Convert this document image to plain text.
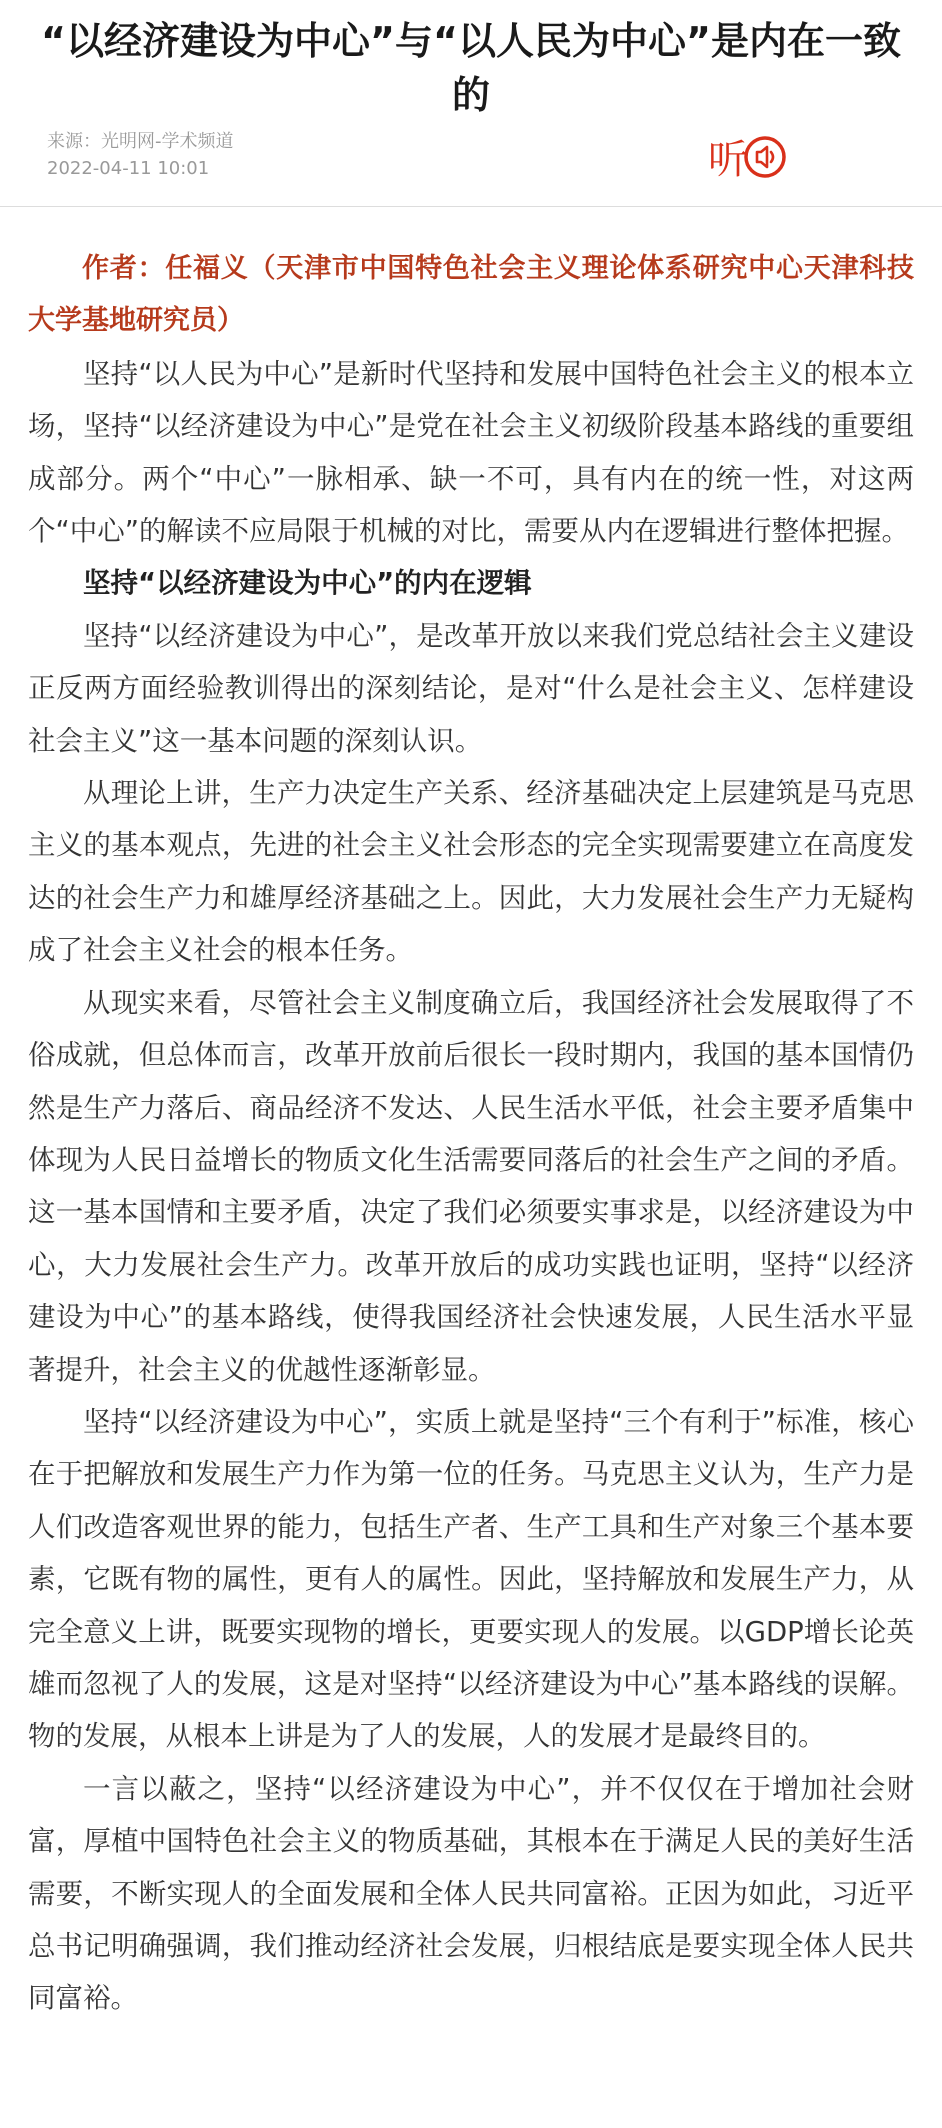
“以经济建设为中心”与“以人民为中心”是内在一致的
来源：光明网-学术频道
2022-04-11 10:01	听

作者：任福义（天津市中国特色社会主义理论体系研究中心天津科技大学基地研究员）

坚持“以人民为中心”是新时代坚持和发展中国特色社会主义的根本立场，坚持“以经济建设为中心”是党在社会主义初级阶段基本路线的重要组成部分。两个“中心”一脉相承、缺一不可，具有内在的统一性，对这两个“中心”的解读不应局限于机械的对比，需要从内在逻辑进行整体把握。

坚持“以经济建设为中心”的内在逻辑

坚持“以经济建设为中心”，是改革开放以来我们党总结社会主义建设正反两方面经验教训得出的深刻结论，是对“什么是社会主义、怎样建设社会主义”这一基本问题的深刻认识。

从理论上讲，生产力决定生产关系、经济基础决定上层建筑是马克思主义的基本观点，先进的社会主义社会形态的完全实现需要建立在高度发达的社会生产力和雄厚经济基础之上。因此，大力发展社会生产力无疑构成了社会主义社会的根本任务。

从现实来看，尽管社会主义制度确立后，我国经济社会发展取得了不俗成就，但总体而言，改革开放前后很长一段时期内，我国的基本国情仍然是生产力落后、商品经济不发达、人民生活水平低，社会主要矛盾集中体现为人民日益增长的物质文化生活需要同落后的社会生产之间的矛盾。这一基本国情和主要矛盾，决定了我们必须要实事求是，以经济建设为中心，大力发展社会生产力。改革开放后的成功实践也证明，坚持“以经济建设为中心”的基本路线，使得我国经济社会快速发展，人民生活水平显著提升，社会主义的优越性逐渐彰显。

坚持“以经济建设为中心”，实质上就是坚持“三个有利于”标准，核心在于把解放和发展生产力作为第一位的任务。马克思主义认为，生产力是人们改造客观世界的能力，包括生产者、生产工具和生产对象三个基本要素，它既有物的属性，更有人的属性。因此，坚持解放和发展生产力，从完全意义上讲，既要实现物的增长，更要实现人的发展。以GDP增长论英雄而忽视了人的发展，这是对坚持“以经济建设为中心”基本路线的误解。物的发展，从根本上讲是为了人的发展，人的发展才是最终目的。

一言以蔽之，坚持“以经济建设为中心”，并不仅仅在于增加社会财富，厚植中国特色社会主义的物质基础，其根本在于满足人民的美好生活需要，不断实现人的全面发展和全体人民共同富裕。正因为如此，习近平总书记明确强调，我们推动经济社会发展，归根结底是要实现全体人民共同富裕。
